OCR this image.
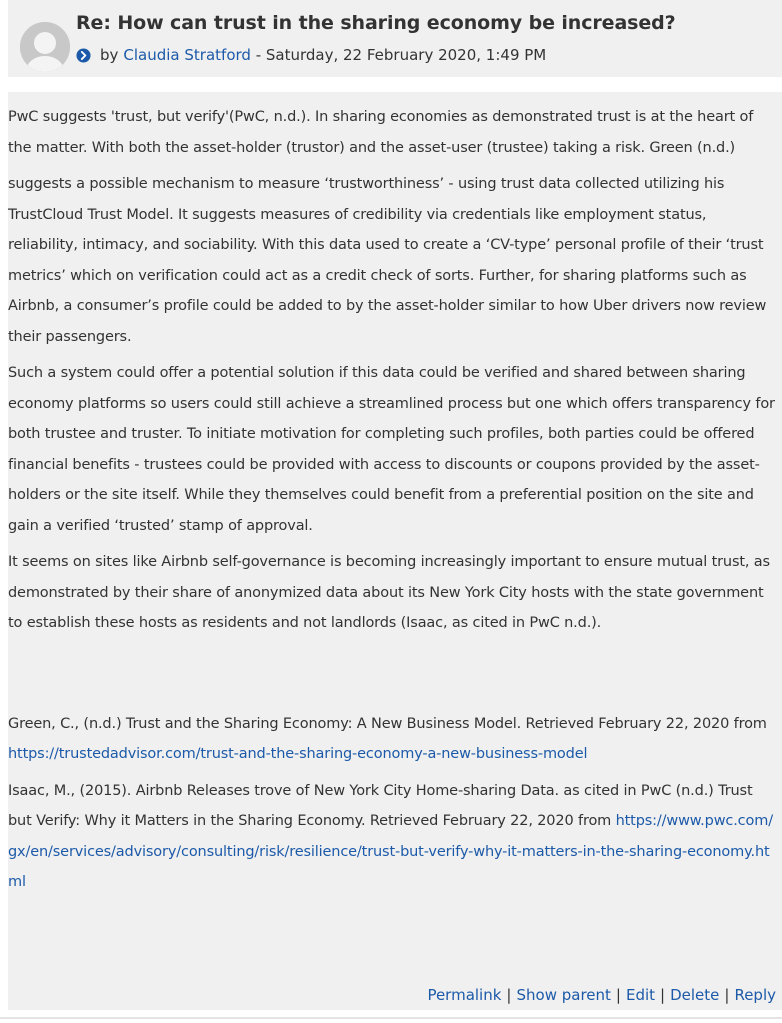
Re: How can trust in the sharing economy be increased?
by Claudia Stratford - Saturday, 22 February 2020, 1:49 PM

PwC suggests 'trust, but verify'(PwC, n.d.). In sharing economies as demonstrated trust is at the heart of the matter. With both the asset-holder (trustor) and the asset-user (trustee) taking a risk. Green (n.d.)

suggests a possible mechanism to measure ‘trustworthiness’ - using trust data collected utilizing his TrustCloud Trust Model. It suggests measures of credibility via credentials like employment status, reliability, intimacy, and sociability. With this data used to create a ‘CV-type’ personal profile of their ‘trust metrics’ which on verification could act as a credit check of sorts. Further, for sharing platforms such as Airbnb, a consumer’s profile could be added to by the asset-holder similar to how Uber drivers now review their passengers.

Such a system could offer a potential solution if this data could be verified and shared between sharing economy platforms so users could still achieve a streamlined process but one which offers transparency for both trustee and truster. To initiate motivation for completing such profiles, both parties could be offered financial benefits - trustees could be provided with access to discounts or coupons provided by the asset-holders or the site itself. While they themselves could benefit from a preferential position on the site and gain a verified ‘trusted’ stamp of approval.

It seems on sites like Airbnb self-governance is becoming increasingly important to ensure mutual trust, as demonstrated by their share of anonymized data about its New York City hosts with the state government to establish these hosts as residents and not landlords (Isaac, as cited in PwC n.d.).

Green, C., (n.d.) Trust and the Sharing Economy: A New Business Model. Retrieved February 22, 2020 from https://trustedadvisor.com/trust-and-the-sharing-economy-a-new-business-model

Isaac, M., (2015). Airbnb Releases trove of New York City Home-sharing Data. as cited in PwC (n.d.) Trust but Verify: Why it Matters in the Sharing Economy. Retrieved February 22, 2020 from https://www.pwc.com/gx/en/services/advisory/consulting/risk/resilience/trust-but-verify-why-it-matters-in-the-sharing-economy.html

Permalink | Show parent | Edit | Delete | Reply
